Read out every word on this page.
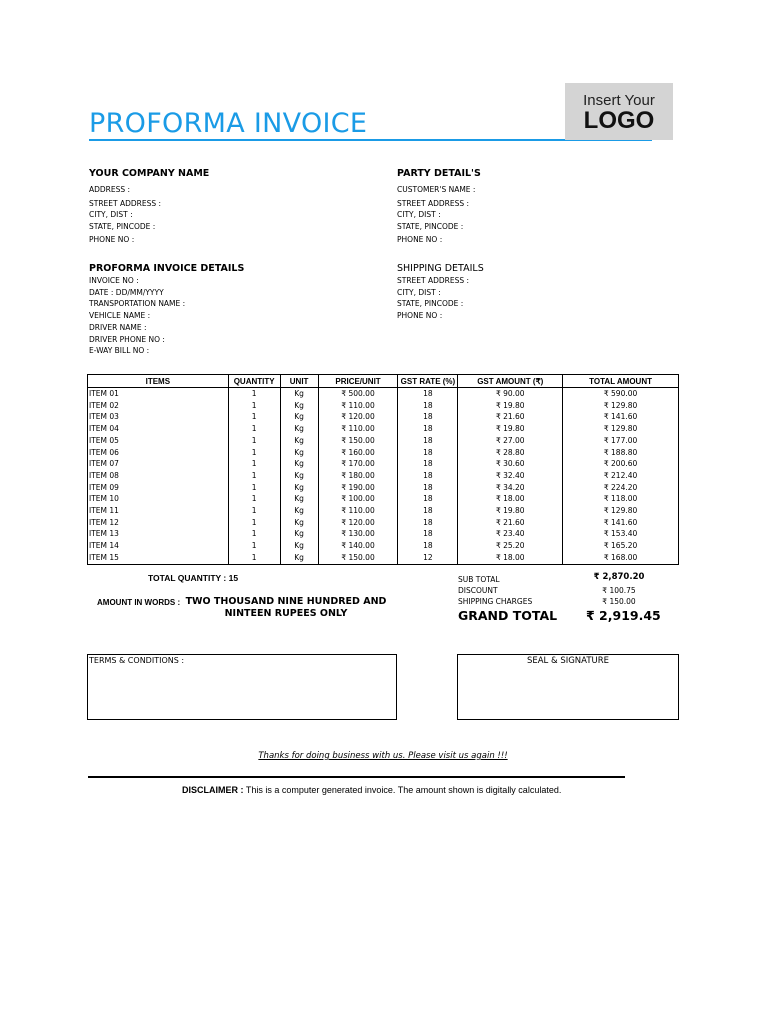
PROFORMA INVOICE
Insert Your
LOGO
YOUR COMPANY NAME
ADDRESS :
STREET ADDRESS :
CITY, DIST :
STATE, PINCODE :
PHONE NO :
PARTY DETAIL'S
CUSTOMER'S NAME :
STREET ADDRESS :
CITY, DIST :
STATE, PINCODE :
PHONE NO :
PROFORMA INVOICE DETAILS
INVOICE NO :
DATE : DD/MM/YYYY
TRANSPORTATION NAME :
VEHICLE NAME :
DRIVER NAME :
DRIVER PHONE NO :
E-WAY BILL NO :
SHIPPING DETAILS
STREET ADDRESS :
CITY, DIST :
STATE, PINCODE :
PHONE NO :
ITEMS	QUANTITY	UNIT	PRICE/UNIT	GST RATE (%)	GST AMOUNT (₹)	TOTAL AMOUNT
ITEM 01	1	Kg	₹ 500.00	18	₹ 90.00	₹ 590.00
ITEM 02	1	Kg	₹ 110.00	18	₹ 19.80	₹ 129.80
ITEM 03	1	Kg	₹ 120.00	18	₹ 21.60	₹ 141.60
ITEM 04	1	Kg	₹ 110.00	18	₹ 19.80	₹ 129.80
ITEM 05	1	Kg	₹ 150.00	18	₹ 27.00	₹ 177.00
ITEM 06	1	Kg	₹ 160.00	18	₹ 28.80	₹ 188.80
ITEM 07	1	Kg	₹ 170.00	18	₹ 30.60	₹ 200.60
ITEM 08	1	Kg	₹ 180.00	18	₹ 32.40	₹ 212.40
ITEM 09	1	Kg	₹ 190.00	18	₹ 34.20	₹ 224.20
ITEM 10	1	Kg	₹ 100.00	18	₹ 18.00	₹ 118.00
ITEM 11	1	Kg	₹ 110.00	18	₹ 19.80	₹ 129.80
ITEM 12	1	Kg	₹ 120.00	18	₹ 21.60	₹ 141.60
ITEM 13	1	Kg	₹ 130.00	18	₹ 23.40	₹ 153.40
ITEM 14	1	Kg	₹ 140.00	18	₹ 25.20	₹ 165.20
ITEM 15	1	Kg	₹ 150.00	12	₹ 18.00	₹ 168.00
TOTAL QUANTITY : 15
AMOUNT IN WORDS : TWO THOUSAND NINE HUNDRED AND NINTEEN RUPEES ONLY
SUB TOTAL	₹ 2,870.20
DISCOUNT	₹ 100.75
SHIPPING CHARGES	₹ 150.00
GRAND TOTAL ₹ 2,919.45
TERMS & CONDITIONS :	SEAL & SIGNATURE
Thanks for doing business with us. Please visit us again !!!
DISCLAIMER : This is a computer generated invoice. The amount shown is digitally calculated.
